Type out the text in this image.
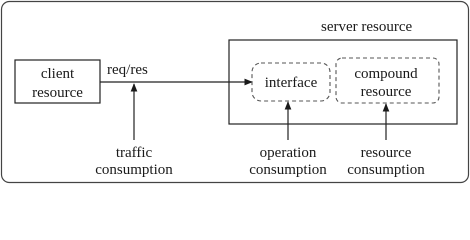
server resource
client
resource
req/res
interface
compound
resource
traffic
consumption
operation
consumption
resource
consumption
